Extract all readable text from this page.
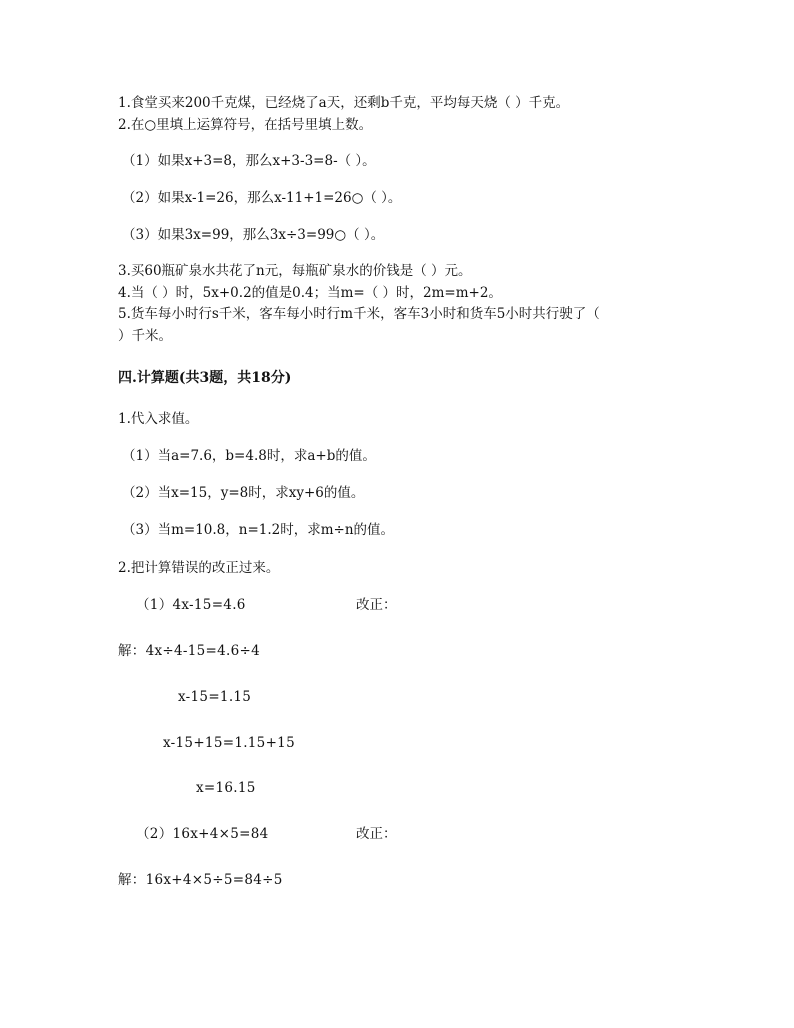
1.食堂买来200千克煤，已经烧了a天，还剩b千克，平均每天烧（ ）千克。
2.在○里填上运算符号，在括号里填上数。
（1）如果x+3=8，那么x+3-3=8-（ ）。
（2）如果x-1=26，那么x-11+1=26○（ ）。
（3）如果3x=99，那么3x÷3=99○（ ）。
3.买60瓶矿泉水共花了n元，每瓶矿泉水的价钱是（ ）元。
4.当（ ）时，5x+0.2的值是0.4；当m=（ ）时，2m=m+2。
5.货车每小时行s千米，客车每小时行m千米，客车3小时和货车5小时共行驶了（
）千米。
四.计算题(共3题，共18分)
1.代入求值。
（1）当a=7.6，b=4.8时，求a+b的值。
（2）当x=15，y=8时，求xy+6的值。
（3）当m=10.8，n=1.2时，求m÷n的值。
2.把计算错误的改正过来。
（1）4x-15=4.6	改正：
解：4x÷4-15=4.6÷4
x-15=1.15
x-15+15=1.15+15
x=16.15
（2）16x+4×5=84	改正：
解：16x+4×5÷5=84÷5
